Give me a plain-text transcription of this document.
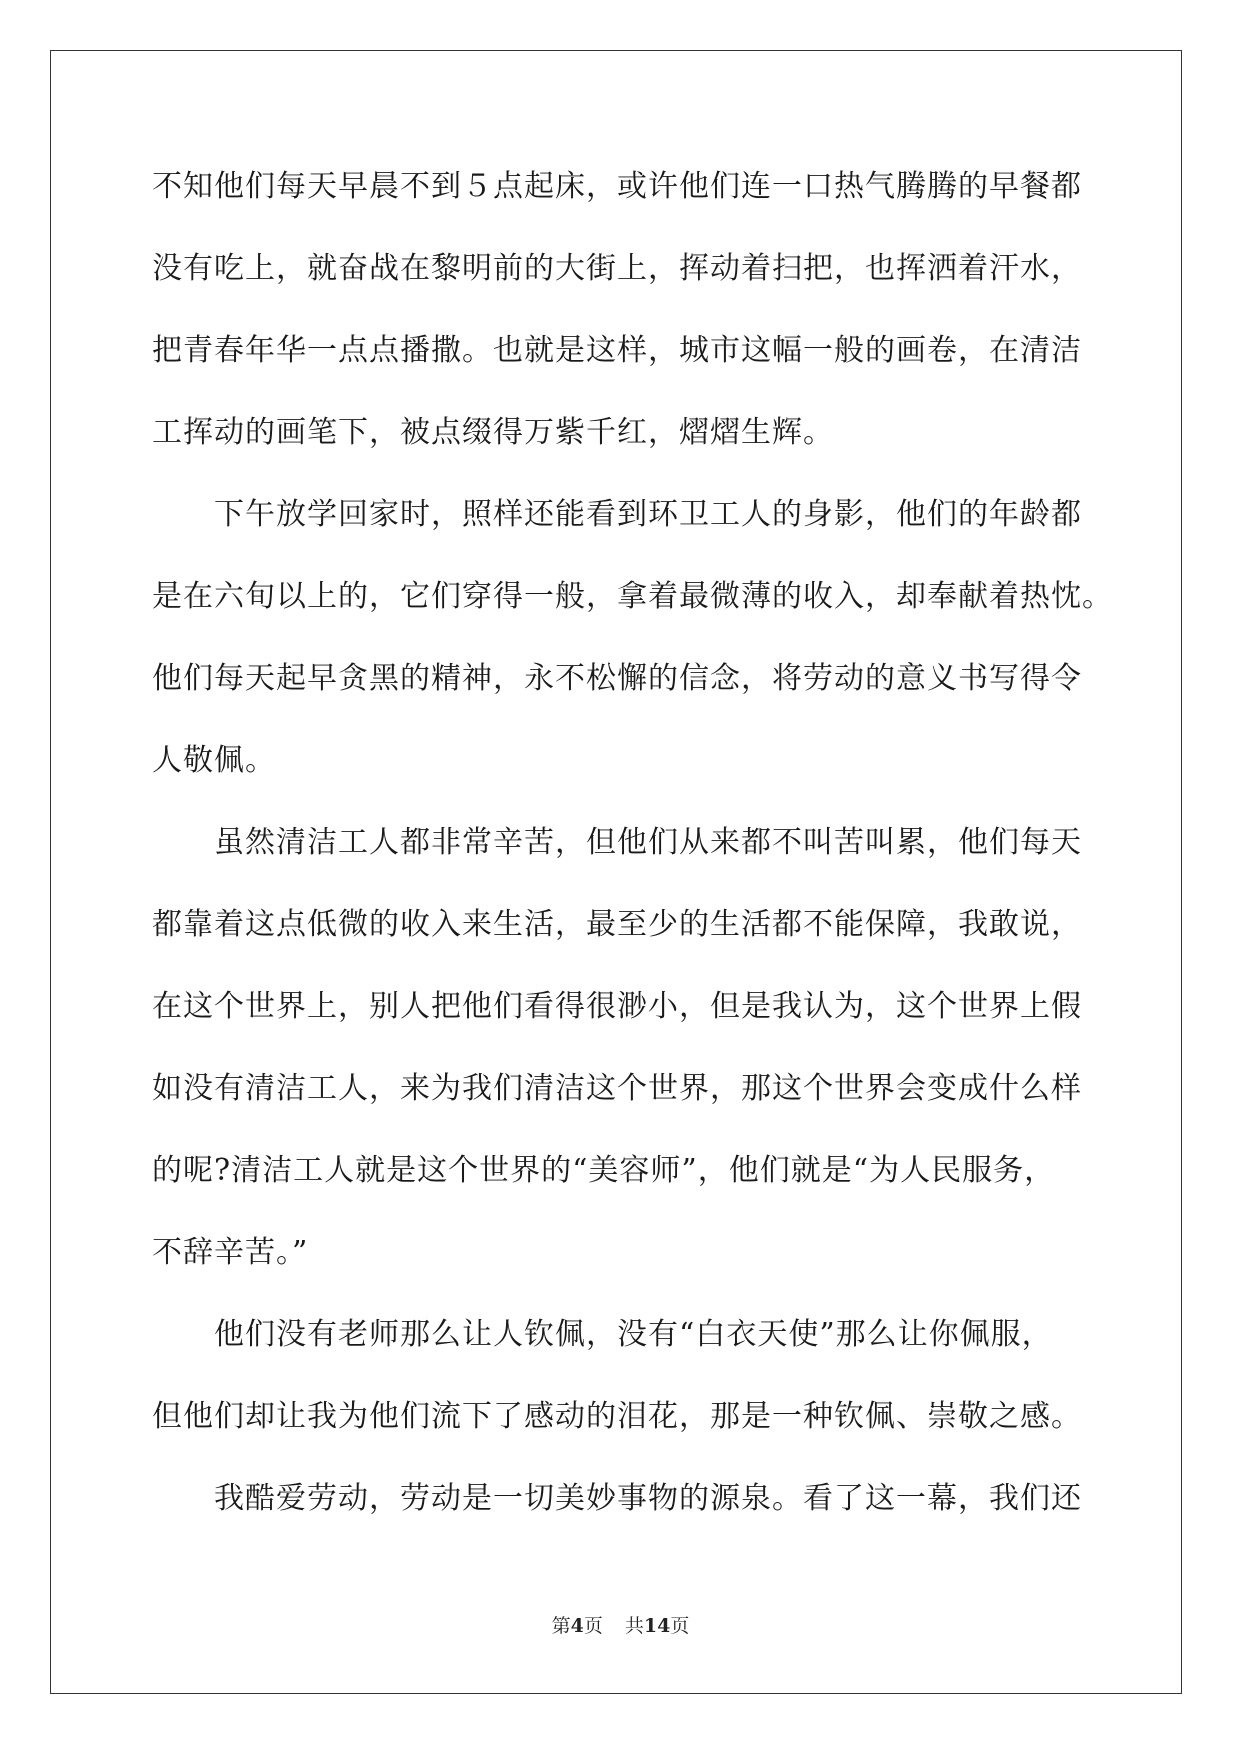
不知他们每天早晨不到５点起床，或许他们连一口热气腾腾的早餐都
没有吃上，就奋战在黎明前的大街上，挥动着扫把，也挥洒着汗水，
把青春年华一点点播撒。也就是这样，城市这幅一般的画卷，在清洁
工挥动的画笔下，被点缀得万紫千红，熠熠生辉。
　　下午放学回家时，照样还能看到环卫工人的身影，他们的年龄都
是在六旬以上的，它们穿得一般，拿着最微薄的收入，却奉献着热忱。
他们每天起早贪黑的精神，永不松懈的信念，将劳动的意义书写得令
人敬佩。
　　虽然清洁工人都非常辛苦，但他们从来都不叫苦叫累，他们每天
都靠着这点低微的收入来生活，最至少的生活都不能保障，我敢说，
在这个世界上，别人把他们看得很渺小，但是我认为，这个世界上假
如没有清洁工人，来为我们清洁这个世界，那这个世界会变成什么样
的呢?清洁工人就是这个世界的“美容师”，他们就是“为人民服务，
不辞辛苦。”
　　他们没有老师那么让人钦佩，没有“白衣天使”那么让你佩服，
但他们却让我为他们流下了感动的泪花，那是一种钦佩、崇敬之感。
　　我酷爱劳动，劳动是一切美妙事物的源泉。看了这一幕，我们还
第4页 共14页
